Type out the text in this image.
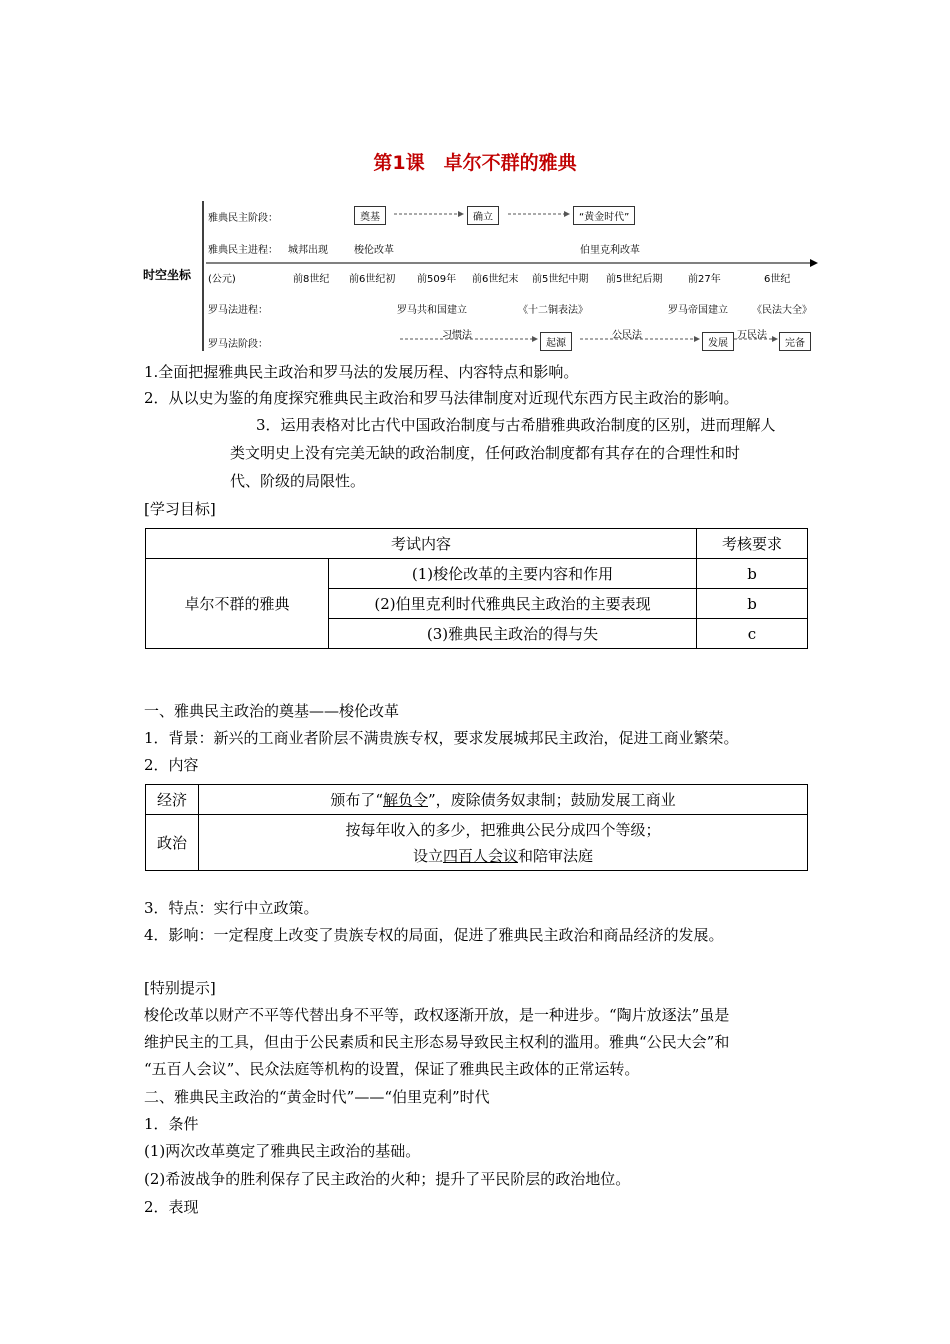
第1课　卓尔不群的雅典
时空坐标
雅典民主阶段：	奠基	确立	“黄金时代”
雅典民主进程： 城邦出现	梭伦改革	伯里克利改革
(公元)	前8世纪 前6世纪初 前509年 前6世纪末 前5世纪中期 前5世纪后期	前27年	6世纪
罗马法进程：	罗马共和国建立	《十二铜表法》	罗马帝国建立 《民法大全》
罗马法阶段：
习惯法	公民法	万民法
起源	发展	完备
1.全面把握雅典民主政治和罗马法的发展历程、内容特点和影响。
2．从以史为鉴的角度探究雅典民主政治和罗马法律制度对近现代东西方民主政治的影响。
3．运用表格对比古代中国政治制度与古希腊雅典政治制度的区别，进而理解人
类文明史上没有完美无缺的政治制度，任何政治制度都有其存在的合理性和时
代、阶级的局限性。
[学习目标]
考试内容		考核要求
卓尔不群的雅典	(1)梭伦改革的主要内容和作用	b
	(2)伯里克利时代雅典民主政治的主要表现	b
	(3)雅典民主政治的得与失	c
一、雅典民主政治的奠基——梭伦改革
1．背景：新兴的工商业者阶层不满贵族专权，要求发展城邦民主政治，促进工商业繁荣。
2．内容
经济	颁布了“解负令”，废除债务奴隶制；鼓励发展工商业
政治	按每年收入的多少，把雅典公民分成四个等级；
设立四百人会议和陪审法庭
3．特点：实行中立政策。
4．影响：一定程度上改变了贵族专权的局面，促进了雅典民主政治和商品经济的发展。
[特别提示]
梭伦改革以财产不平等代替出身不平等，政权逐渐开放，是一种进步。“陶片放逐法”虽是
维护民主的工具，但由于公民素质和民主形态易导致民主权利的滥用。雅典“公民大会”和
“五百人会议”、民众法庭等机构的设置，保证了雅典民主政体的正常运转。
二、雅典民主政治的“黄金时代”——“伯里克利”时代
1．条件
(1)两次改革奠定了雅典民主政治的基础。
(2)希波战争的胜利保存了民主政治的火种；提升了平民阶层的政治地位。
2．表现
